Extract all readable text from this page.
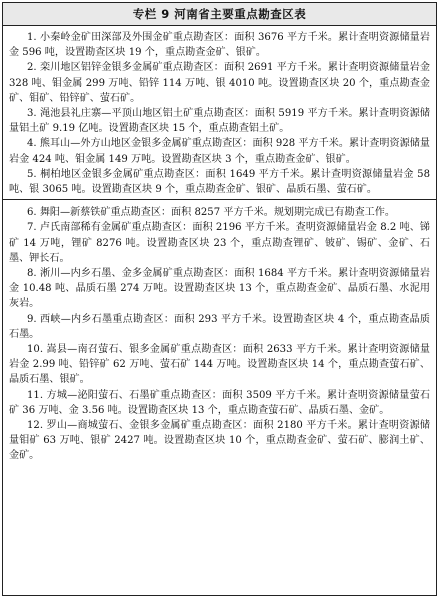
专栏 9 河南省主要重点勘查区表

1. 小秦岭金矿田深部及外围金矿重点勘查区：面积 3676 平方千米。累计查明资源储量岩金 596 吨，设置勘查区块 19 个，重点勘查金矿、银矿。

2. 栾川地区铝锌金银多金属矿重点勘查区：面积 2691 平方千米。累计查明资源储量岩金 328 吨、钼金属 299 万吨、铅锌 114 万吨、银 4010 吨。设置勘查区块 20 个，重点勘查金矿、钼矿、铅锌矿、萤石矿。

3. 渑池县礼庄寨—平顶山地区铝土矿重点勘查区：面积 5919 平方千米。累计查明资源储量铝土矿 9.19 亿吨。设置勘查区块 15 个，重点勘查铝土矿。

4. 熊耳山—外方山地区金银多金属矿重点勘查区：面积 928 平方千米。累计查明资源储量岩金 424 吨、钼金属 149 万吨。设置勘查区块 3 个，重点勘查金矿、银矿。

5. 桐柏地区金银多金属矿重点勘查区：面积 1649 平方千米。累计查明资源储量岩金 58 吨、银 3065 吨。设置勘查区块 9 个，重点勘查金矿、银矿、晶质石墨、萤石矿。

6. 舞阳—新蔡铁矿重点勘查区：面积 8257 平方千米。规划期完成已有勘查工作。

7. 卢氏南部稀有金属矿重点勘查区：面积 2196 平方千米。查明资源储量岩金 8.2 吨、锑矿 14 万吨，锂矿 8276 吨。设置勘查区块 23 个，重点勘查锂矿、铍矿、锡矿、金矿、石墨、钾长石。

8. 淅川—内乡石墨、金多金属矿重点勘查区：面积 1684 平方千米。累计查明资源储量岩金 10.48 吨、晶质石墨 274 万吨。设置勘查区块 13 个，重点勘查金矿、晶质石墨、水泥用灰岩。

9. 西峡—内乡石墨重点勘查区：面积 293 平方千米。设置勘查区块 4 个，重点勘查晶质石墨。

10. 嵩县—南召萤石、银多金属矿重点勘查区：面积 2633 平方千米。累计查明资源储量岩金 2.99 吨、铅锌矿 62 万吨、萤石矿 144 万吨。设置勘查区块 14 个，重点勘查萤石矿、晶质石墨、银矿。

11. 方城—泌阳萤石、石墨矿重点勘查区：面积 3509 平方千米。累计查明资源储量萤石矿 36 万吨、金 3.56 吨。设置勘查区块 13 个，重点勘查萤石矿、晶质石墨、金矿。

12. 罗山—商城萤石、金银多金属矿重点勘查区：面积 2180 平方千米。累计查明资源储量钼矿 63 万吨、银矿 2427 吨。设置勘查区块 10 个，重点勘查金矿、萤石矿、膨润土矿、金矿。
